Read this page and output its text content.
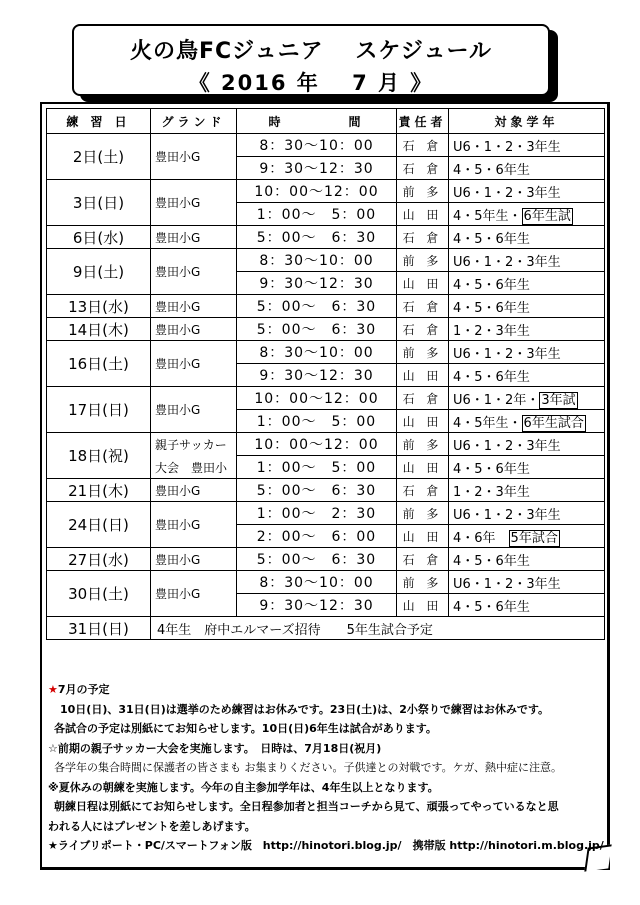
火の鳥FCジュニア　 スケジュール
《 2016 年　 7 月 》
練 習 日	グランド	時　　　　間	責任者	対象学年
2日(土)	豊田小G	8：30〜10：00	石 倉	U6・1・2・3年生
		9：30〜12：30	石 倉	4・5・6年生
3日(日)	豊田小G	10：00〜12：00	前 多	U6・1・2・3年生
		1：00〜　5：00	山 田	4・5年生・ 6年生試
6日(水)	豊田小G	5：00〜　6：30	石 倉	4・5・6年生
9日(土)	豊田小G	8：30〜10：00	前 多	U6・1・2・3年生
		9：30〜12：30	山 田	4・5・6年生
13日(水)	豊田小G	5：00〜　6：30	石 倉	4・5・6年生
14日(木)	豊田小G	5：00〜　6：30	石 倉	1・2・3年生
16日(土)	豊田小G	8：30〜10：00	前 多	U6・1・2・3年生
		9：30〜12：30	山 田	4・5・6年生
17日(日)	豊田小G	10：00〜12：00	石 倉	U6・1・2年・ 3年試
		1：00〜　5：00	山 田	4・5年生・ 6年生試合
18日(祝)	親子サッカー
大会　豊田小	10：00〜12：00	前 多	U6・1・2・3年生
		1：00〜　5：00	山 田	4・5・6年生
21日(木)	豊田小G	5：00〜　6：30	石 倉	1・2・3年生
24日(日)	豊田小G	1：00〜　2：30	前 多	U6・1・2・3年生
		2：00〜　6：00	山 田	4・6年　5年試合
27日(水)	豊田小G	5：00〜　6：30	石 倉	4・5・6年生
30日(土)	豊田小G	8：30〜10：00	前 多	U6・1・2・3年生
		9：30〜12：30	山 田	4・5・6年生
31日(日)	4年生　府中エルマーズ招待　　5年生試合予定			
★7月の予定
10日(日)、31日(日)は選挙のため練習はお休みです。23日(土)は、2小祭りで練習はお休みです。
各試合の予定は別紙にてお知らせします。10日(日)6年生は試合があります。
☆前期の親子サッカー大会を実施します。　日時は、7月18日(祝月)
各学年の集合時間に保護者の皆さまも お集まりください。子供達との対戦です。ケガ、熱中症に注意。
※夏休みの朝練を実施します。今年の自主参加学年は、4年生以上となります。
朝練日程は別紙にてお知らせします。全日程参加者と担当コーチから見て、頑張ってやっているなと思
われる人にはプレゼントを差しあげます。
★ライブリポート・PC/スマートフォン版　http://hinotori.blog.jp/　携帯版 http://hinotori.m.blog.jp/
